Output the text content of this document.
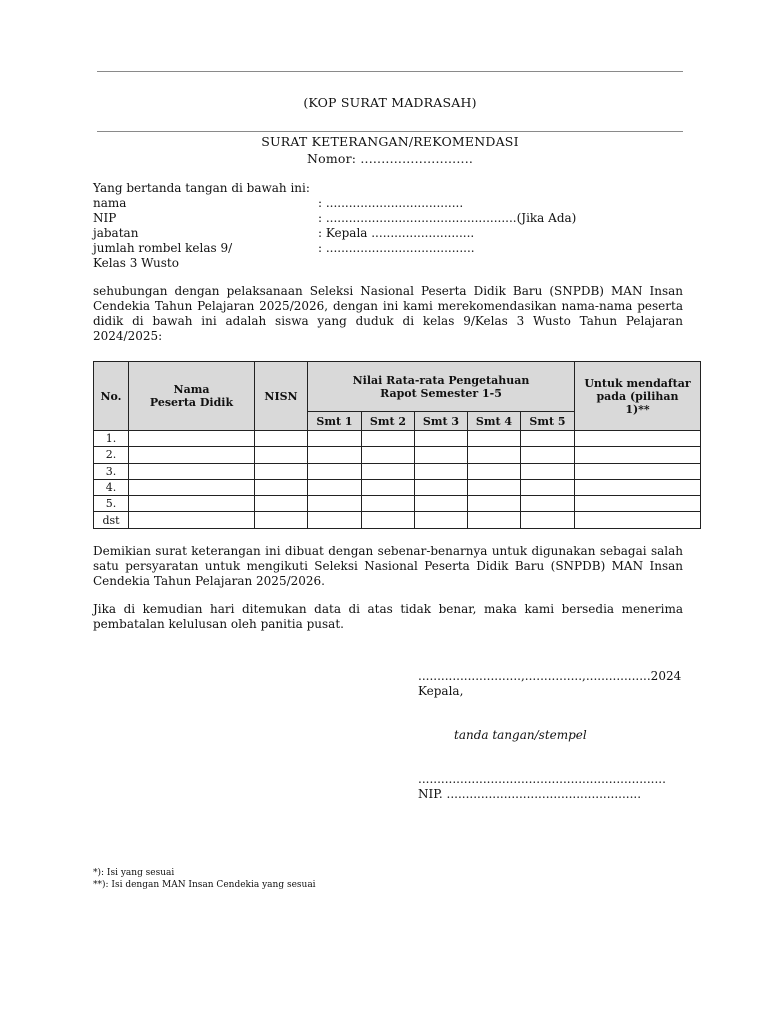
(KOP SURAT MADRASAH)
SURAT KETERANGAN/REKOMENDASI
Nomor: ...........................
Yang bertanda tangan di bawah ini:
nama	: ....................................
NIP	: ..................................................(Jika Ada)
jabatan	: Kepala ...........................
jumlah rombel kelas 9/	: .......................................
Kelas 3 Wusto
sehubungan dengan pelaksanaan Seleksi Nasional Peserta Didik Baru (SNPDB) MAN Insan Cendekia Tahun Pelajaran 2025/2026, dengan ini kami merekomendasikan nama-nama peserta didik di bawah ini adalah siswa yang duduk di kelas 9/Kelas 3 Wusto Tahun Pelajaran 2024/2025:
No.	Nama Peserta Didik	NISN	Nilai Rata-rata Pengetahuan Rapot Semester 1-5					Untuk mendaftar pada (pilihan 1)**
			Smt 1	Smt 2	Smt 3	Smt 4	Smt 5	
1.								
2.								
3.								
4.								
5.								
dst								
Demikian surat keterangan ini dibuat dengan sebenar-benarnya untuk digunakan sebagai salah satu persyaratan untuk mengikuti Seleksi Nasional Peserta Didik Baru (SNPDB) MAN Insan Cendekia Tahun Pelajaran 2025/2026.
Jika di kemudian hari ditemukan data di atas tidak benar, maka kami bersedia menerima pembatalan kelulusan oleh panitia pusat.
...........................,...............,.................2024
Kepala,
tanda tangan/stempel
.................................................................
NIP. ...................................................
*): Isi yang sesuai
**): Isi dengan MAN Insan Cendekia yang sesuai
